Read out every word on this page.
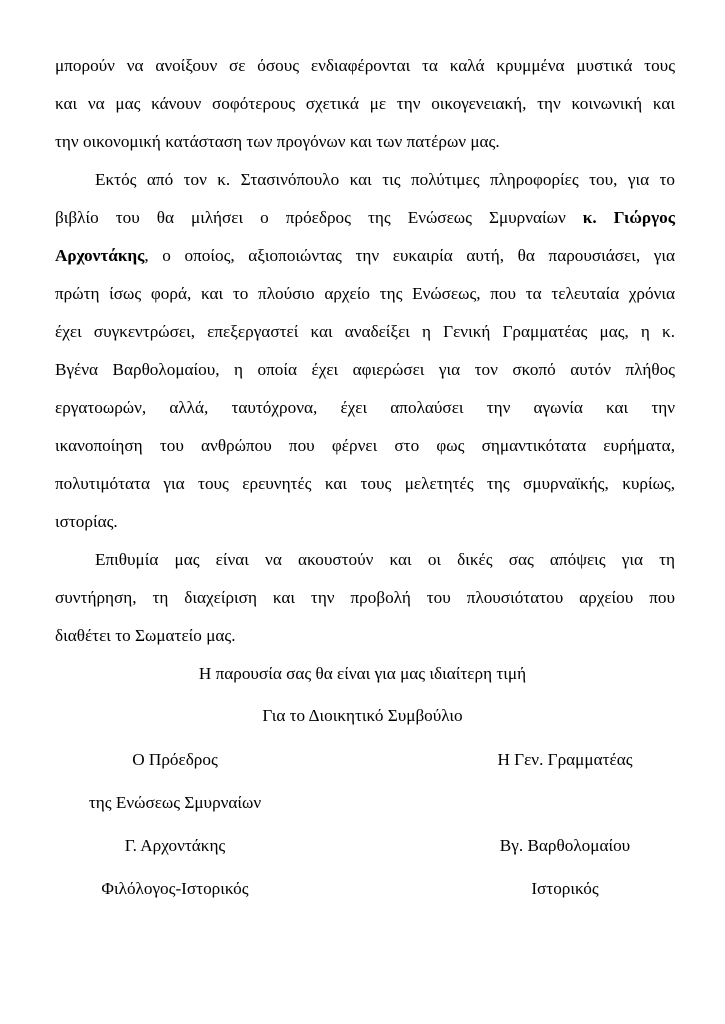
μπορούν να ανοίξουν σε όσους ενδιαφέρονται τα καλά κρυμμένα μυστικά τους
και να μας κάνουν σοφότερους σχετικά με την οικογενειακή, την κοινωνική και
την οικονομική κατάσταση των προγόνων και των πατέρων μας.
Εκτός από τον κ. Στασινόπουλο και τις πολύτιμες πληροφορίες του, για το
βιβλίο του θα μιλήσει ο πρόεδρος της Ενώσεως Σμυρναίων κ. Γιώργος
Αρχοντάκης, ο οποίος, αξιοποιώντας την ευκαιρία αυτή, θα παρουσιάσει, για
πρώτη ίσως φορά, και το πλούσιο αρχείο της Ενώσεως, που τα τελευταία χρόνια
έχει συγκεντρώσει, επεξεργαστεί και αναδείξει η Γενική Γραμματέας μας, η κ.
Βγένα Βαρθολομαίου, η οποία έχει αφιερώσει για τον σκοπό αυτόν πλήθος
εργατοωρών, αλλά, ταυτόχρονα, έχει απολαύσει την αγωνία και την
ικανοποίηση του ανθρώπου που φέρνει στο φως σημαντικότατα ευρήματα,
πολυτιμότατα για τους ερευνητές και τους μελετητές της σμυρναϊκής, κυρίως,
ιστορίας.
Επιθυμία μας είναι να ακουστούν και οι δικές σας απόψεις για τη
συντήρηση, τη διαχείριση και την προβολή του πλουσιότατου αρχείου που
διαθέτει το Σωματείο μας.
Η παρουσία σας θα είναι για μας ιδιαίτερη τιμή
Για το Διοικητικό Συμβούλιο
Ο Πρόεδρος
της Ενώσεως Σμυρναίων
Γ. Αρχοντάκης
Φιλόλογος-Ιστορικός
Η Γεν. Γραμματέας
Βγ. Βαρθολομαίου
Ιστορικός
